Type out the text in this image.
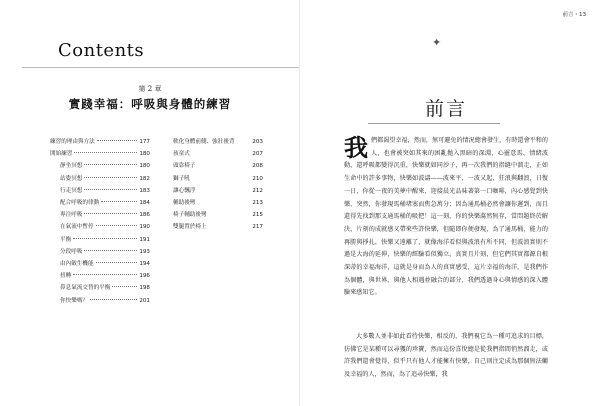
Contents
第 2 章
實踐幸福：呼吸與身體的練習
練習的理由與方法	177
開始練習	180
靜坐冥想	180
站姿冥想	182
行走冥想	183
配合呼吸的律動	184
專注呼吸	186
在氣流中暫停	190
平衡	191
分段呼吸	193
由內斂生機能	194
扭轉	196
鼻息氣流交替的平衡	198
你快樂嗎？	201
軟化身體前側、強壯後背	203
孩童式	207
頭靠椅子	208
獅子吼	210
讓心飄浮	212
輔助後彎	213
椅子輔助後彎	215
雙腿置於椅上	217
前言・13
✦
前言
我 們都渴望幸福，然而，無可避免的情況總會發生，有時還會平和的人，也會被突如其來的困亂拋入黑暗的深淵，心靈意馬、情緒波動，還呼吸都變得沉重，快樂就如同沙子，再一次我們的指縫中溜走，正如生命中的許多事物，快樂如波濤——波來平，一波又起，狂浪與翻浪，日復一日，你從一夜的美夢中醒來，迎接晨光品味著第一口咖啡，內心感覺到快樂，突然，你發現馬桶堵塞而焦急萬分；因為通馬桶必然會讓你遲到，而且還得先找到那支通馬桶的吸把！這一刻，你的快樂蕩然無存，當問題終於解決，片刻的成就感又帶來些許快樂，但隨即你便發現，為了通馬桶，能力的再勝與掙扎，快樂又遠離了，就像海洋看似與波浪有所不同，但波浪實則不過是大海的延伸，快樂的經驗看似獨立，真實且片刻，但它們其實都源自根深蒂的幸福海洋，這就是身而為人的真實感受，這片幸福的海洋，是我們作為個體，與世界、與他人相遇並融合的部分，我們透過身心與情感的深入體驗來感知它。
大多數人並非如此看待快樂，相反的，我們視它為一種可追求的目標，彷佛它是某種可以尋獲的珍寶，然而這份喜悅總是從我們指間悄然溜走，或許我們還會覺得，似乎只有他人才能擁有快樂，自己則注定成為那個無法觸及幸福的人，然而，為了追尋快樂，我
